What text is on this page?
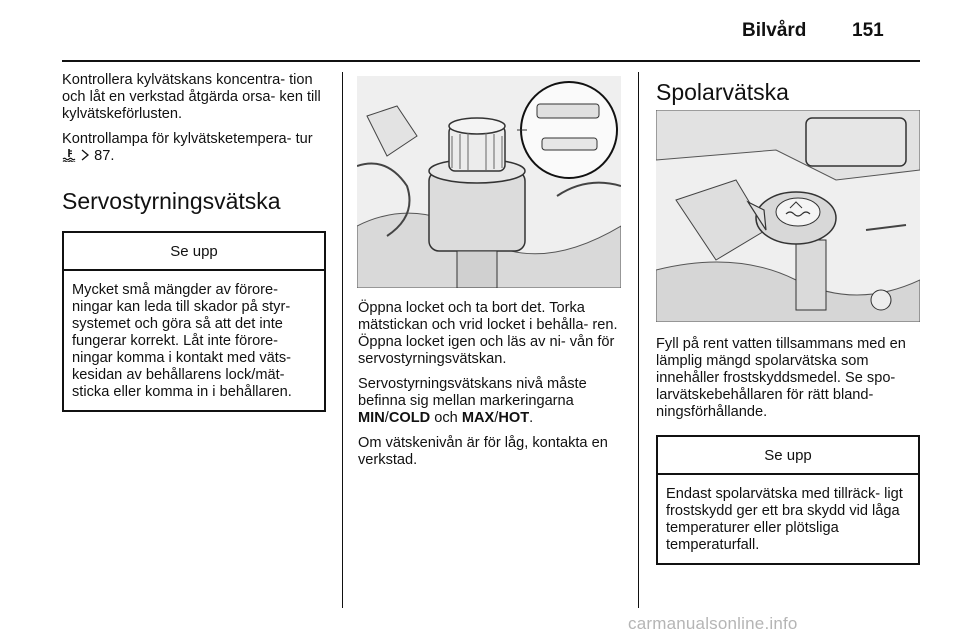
Bilvård 151

Kontrollera kylvätskans koncentra- tion och låt en verkstad åtgärda orsa- ken till kylvätskeförlusten.

Kontrollampa för kylvätsketempera- tur   87.

Servostyrningsvätska
Se upp
Mycket små mängder av förore- ningar kan leda till skador på styr- systemet och göra så att det inte fungerar korrekt. Låt inte förore- ningar komma i kontakt med väts- kesidan av behållarens lock/mät- sticka eller komma in i behållaren.

Öppna locket och ta bort det. Torka mätstickan och vrid locket i behålla- ren. Öppna locket igen och läs av ni- vån för servostyrningsvätskan.

Servostyrningsvätskans nivå måste befinna sig mellan markeringarna MIN/COLD och MAX/HOT.

Om vätskenivån är för låg, kontakta en verkstad.

Spolarvätska

Fyll på rent vatten tillsammans med en lämplig mängd spolarvätska som innehåller frostskyddsmedel. Se spo- larvätskebehållaren för rätt bland- ningsförhållande.

Se upp
Endast spolarvätska med tillräck- ligt frostskydd ger ett bra skydd vid låga temperaturer eller plötsliga temperaturfall.
carmanualsonline.info
